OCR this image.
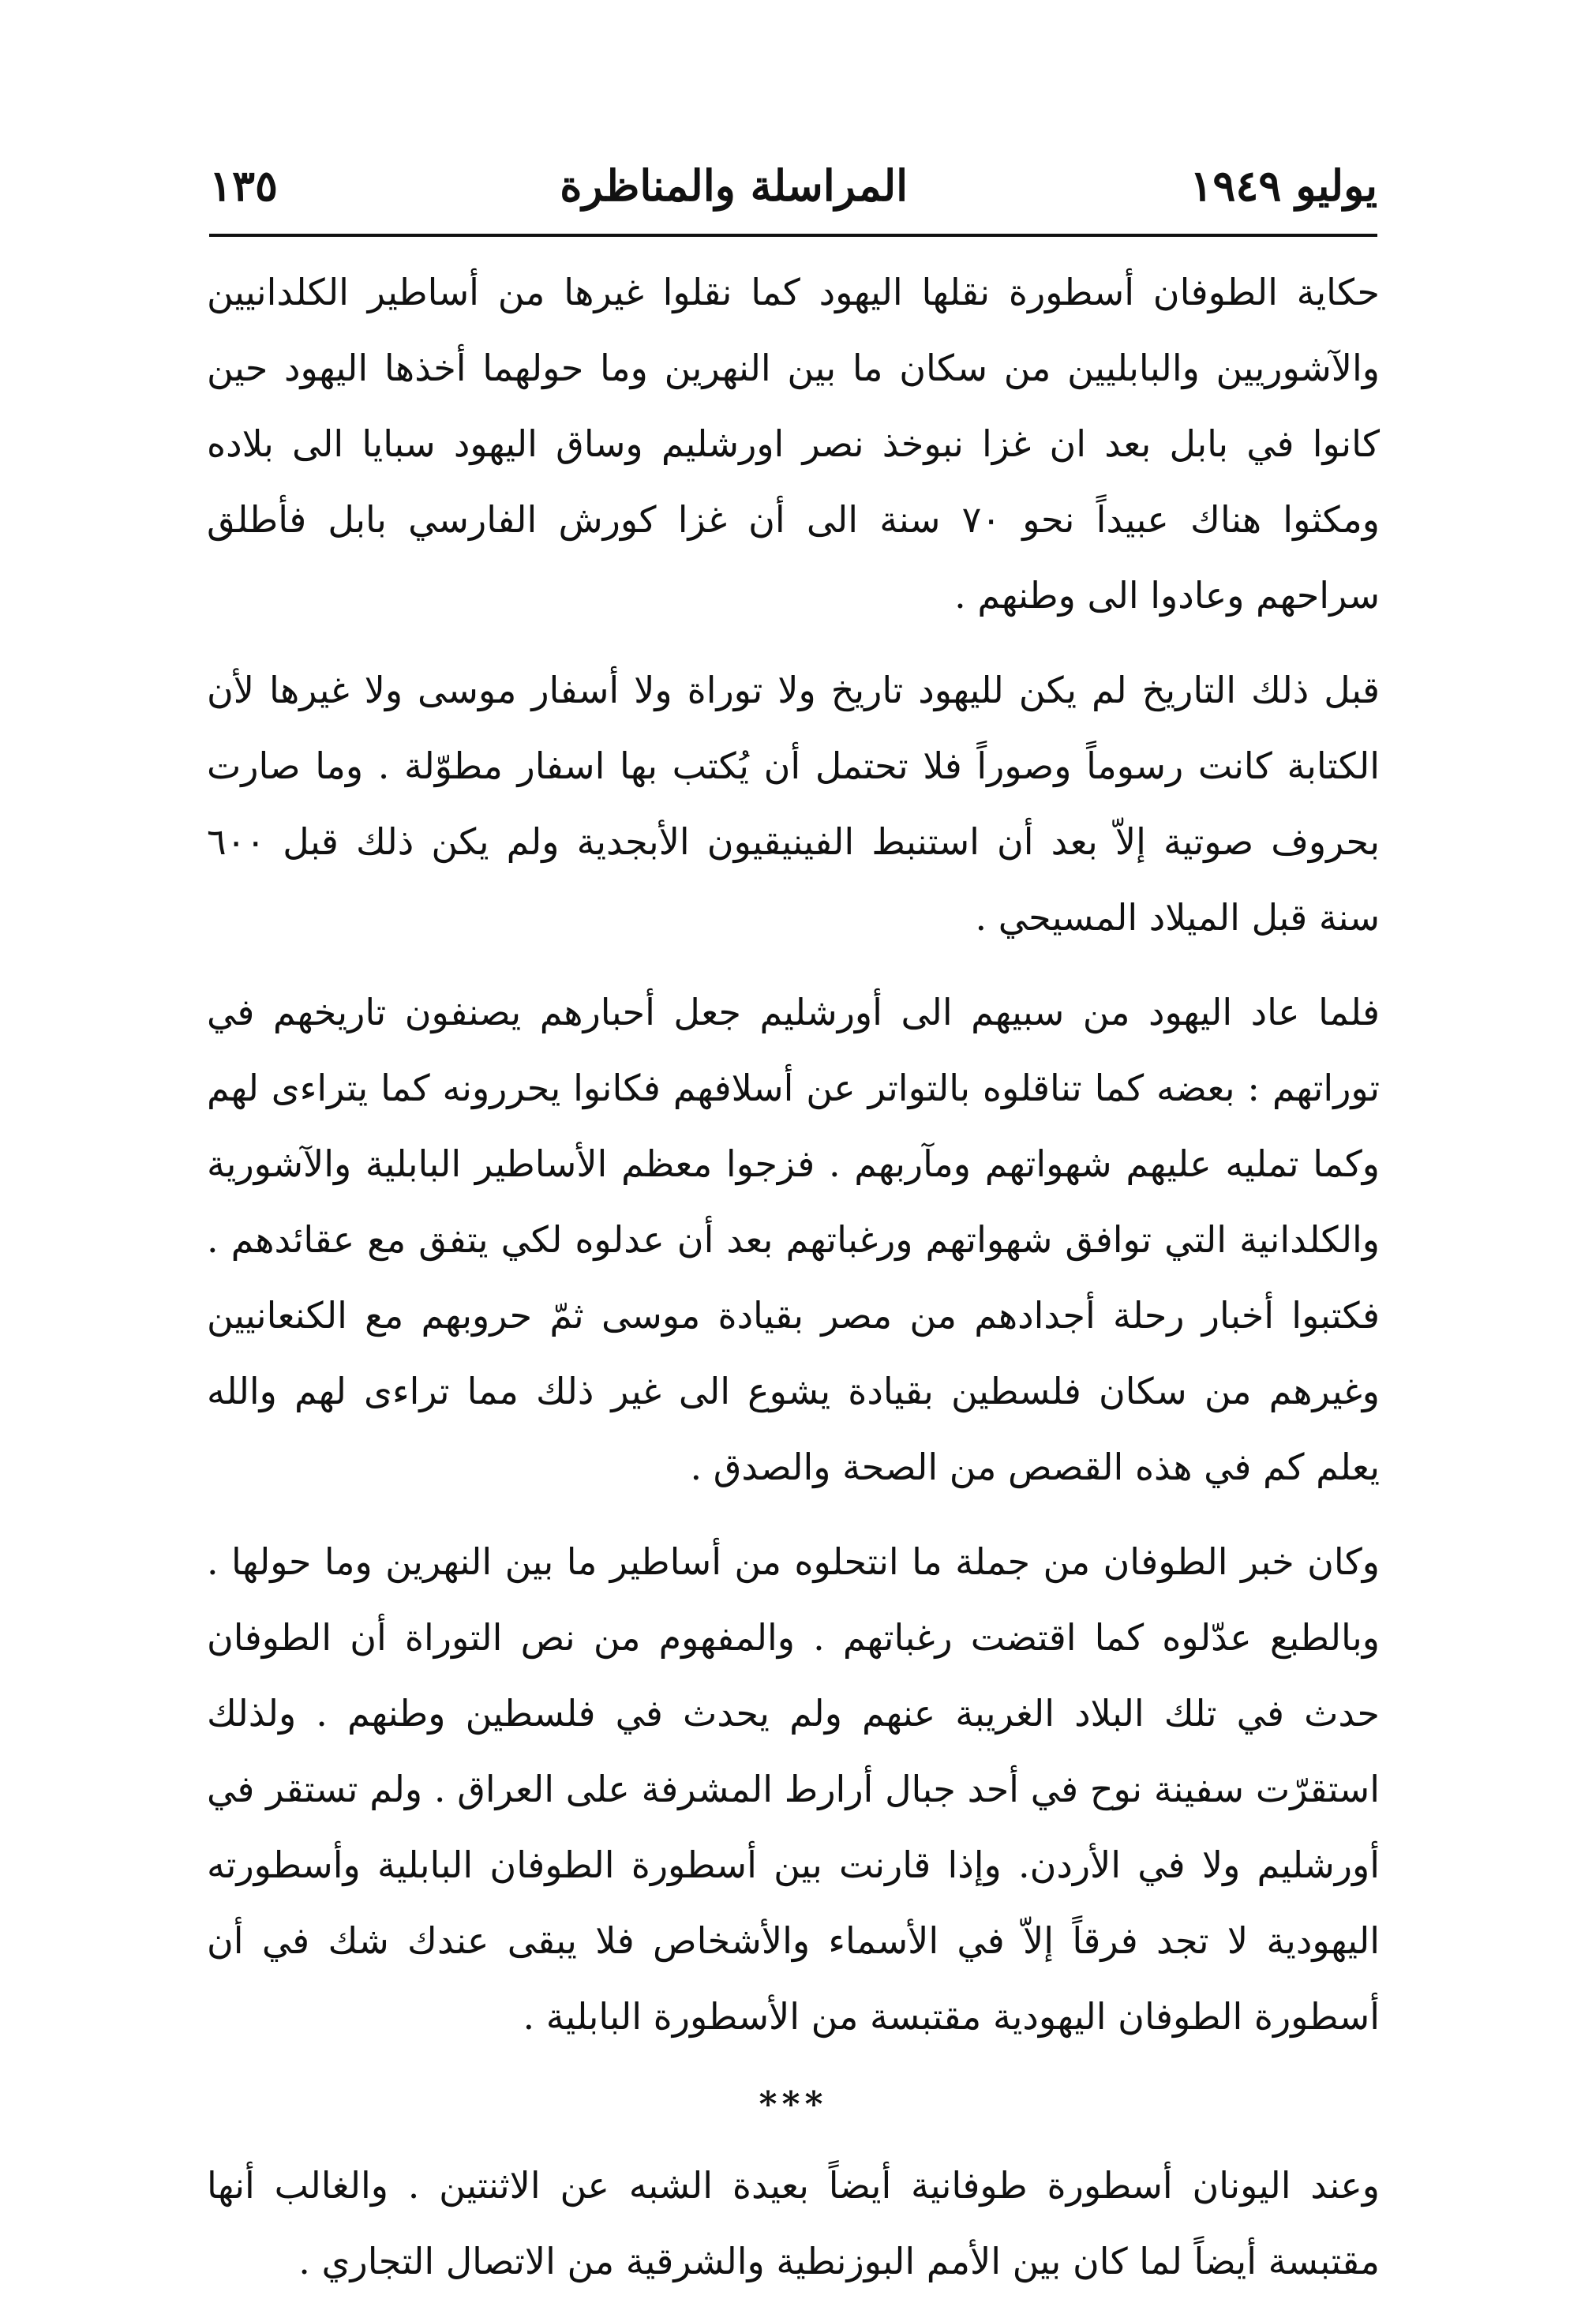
يوليو
١٩٤٩
المراسلة والمناظرة
١٣٥

حكاية الطوفان أسطورة نقلها اليهود كما نقلوا غيرها من أساطير الكلدانيين والآشوريين والبابليين من سكان ما بين النهرين وما حولهما أخذها اليهود حين كانوا في بابل بعد ان غزا نبوخذ نصر اورشليم وساق اليهود سبايا الى بلاده ومكثوا هناك عبيداً نحو ٧٠ سنة الى أن غزا كورش الفارسي بابل فأطلق سراحهم وعادوا الى وطنهم .

قبل ذلك التاريخ لم يكن لليهود تاريخ ولا توراة ولا أسفار موسى ولا غيرها لأن الكتابة كانت رسوماً وصوراً فلا تحتمل أن يُكتب بها اسفار مطوّلة . وما صارت بحروف صوتية إلاّ بعد أن استنبط الفينيقيون الأبجدية ولم يكن ذلك قبل ٦٠٠ سنة قبل الميلاد المسيحي .

فلما عاد اليهود من سبيهم الى أورشليم جعل أحبارهم يصنفون تاريخهم في توراتهم : بعضه كما تناقلوه بالتواتر عن أسلافهم فكانوا يحررونه كما يتراءى لهم وكما تمليه عليهم شهواتهم ومآربهم . فزجوا معظم الأساطير البابلية والآشورية والكلدانية التي توافق شهواتهم ورغباتهم بعد أن عدلوه لكي يتفق مع عقائدهم . فكتبوا أخبار رحلة أجدادهم من مصر بقيادة موسى ثمّ حروبهم مع الكنعانيين وغيرهم من سكان فلسطين بقيادة يشوع الى غير ذلك مما تراءى لهم والله يعلم كم في هذه القصص من الصحة والصدق .

وكان خبر الطوفان من جملة ما انتحلوه من أساطير ما بين النهرين وما حولها . وبالطبع عدّلوه كما اقتضت رغباتهم . والمفهوم من نص التوراة أن الطوفان حدث في تلك البلاد الغريبة عنهم ولم يحدث في فلسطين وطنهم . ولذلك استقرّت سفينة نوح في أحد جبال أرارط المشرفة على العراق . ولم تستقر في أورشليم ولا في الأردن. وإذا قارنت بين أسطورة الطوفان البابلية وأسطورته اليهودية لا تجد فرقاً إلاّ في الأسماء والأشخاص فلا يبقى عندك شك في أن أسطورة الطوفان اليهودية مقتبسة من الأسطورة البابلية .

***

وعند اليونان أسطورة طوفانية أيضاً بعيدة الشبه عن الاثنتين . والغالب أنها مقتبسة أيضاً لما كان بين الأمم البوزنطية والشرقية من الاتصال التجاري .
